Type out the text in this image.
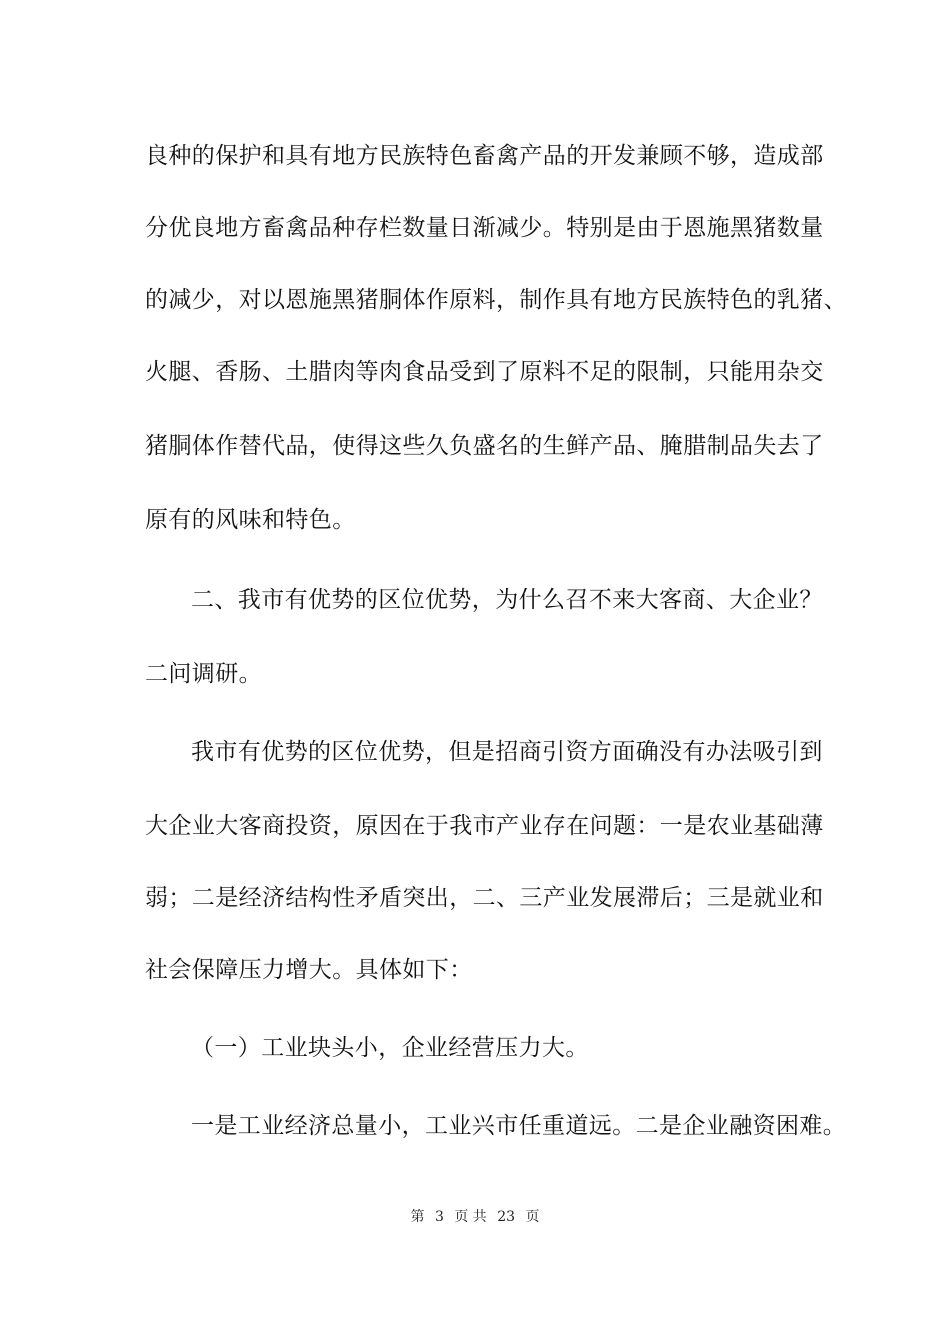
良种的保护和具有地方民族特色畜禽产品的开发兼顾不够，造成部
分优良地方畜禽品种存栏数量日渐减少。特别是由于恩施黑猪数量
的减少，对以恩施黑猪胴体作原料，制作具有地方民族特色的乳猪、
火腿、香肠、土腊肉等肉食品受到了原料不足的限制，只能用杂交
猪胴体作替代品，使得这些久负盛名的生鲜产品、腌腊制品失去了
原有的风味和特色。
二、我市有优势的区位优势，为什么召不来大客商、大企业？
二问调研。
我市有优势的区位优势，但是招商引资方面确没有办法吸引到
大企业大客商投资，原因在于我市产业存在问题：一是农业基础薄
弱；二是经济结构性矛盾突出，二、三产业发展滞后；三是就业和
社会保障压力增大。具体如下：
（一）工业块头小，企业经营压力大。
一是工业经济总量小，工业兴市任重道远。二是企业融资困难。
第 3 页 共 23 页
